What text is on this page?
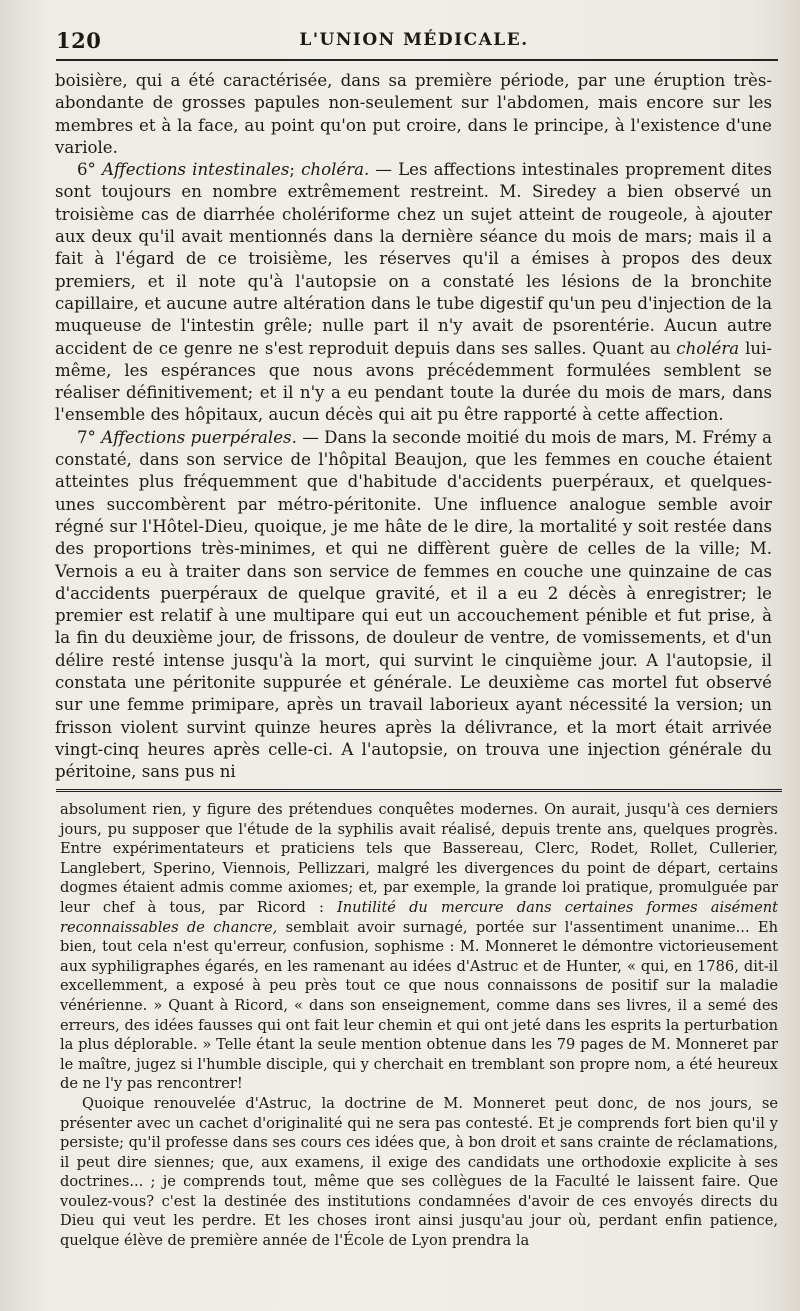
120	L'UNION MÉDICALE.

boisière, qui a été caractérisée, dans sa première période, par une éruption très-abondante de grosses papules non-seulement sur l'abdomen, mais encore sur les membres et à la face, au point qu'on put croire, dans le principe, à l'existence d'une variole.

6° Affections intestinales; choléra. — Les affections intestinales proprement dites sont toujours en nombre extrêmement restreint. M. Siredey a bien observé un troisième cas de diarrhée cholériforme chez un sujet atteint de rougeole, à ajouter aux deux qu'il avait mentionnés dans la dernière séance du mois de mars; mais il a fait à l'égard de ce troisième, les réserves qu'il a émises à propos des deux premiers, et il note qu'à l'autopsie on a constaté les lésions de la bronchite capillaire, et aucune autre altération dans le tube digestif qu'un peu d'injection de la muqueuse de l'intestin grêle; nulle part il n'y avait de psorentérie. Aucun autre accident de ce genre ne s'est reproduit depuis dans ses salles. Quant au choléra lui-même, les espérances que nous avons précédemment formulées semblent se réaliser définitivement; et il n'y a eu pendant toute la durée du mois de mars, dans l'ensemble des hôpitaux, aucun décès qui ait pu être rapporté à cette affection.

7° Affections puerpérales. — Dans la seconde moitié du mois de mars, M. Frémy a constaté, dans son service de l'hôpital Beaujon, que les femmes en couche étaient atteintes plus fréquemment que d'habitude d'accidents puerpéraux, et quelques-unes succombèrent par métro-péritonite. Une influence analogue semble avoir régné sur l'Hôtel-Dieu, quoique, je me hâte de le dire, la mortalité y soit restée dans des proportions très-minimes, et qui ne diffèrent guère de celles de la ville; M. Vernois a eu à traiter dans son service de femmes en couche une quinzaine de cas d'accidents puerpéraux de quelque gravité, et il a eu 2 décès à enregistrer; le premier est relatif à une multipare qui eut un accouchement pénible et fut prise, à la fin du deuxième jour, de frissons, de douleur de ventre, de vomissements, et d'un délire resté intense jusqu'à la mort, qui survint le cinquième jour. A l'autopsie, il constata une péritonite suppurée et générale. Le deuxième cas mortel fut observé sur une femme primipare, après un travail laborieux ayant nécessité la version; un frisson violent survint quinze heures après la délivrance, et la mort était arrivée vingt-cinq heures après celle-ci. A l'autopsie, on trouva une injection générale du péritoine, sans pus ni

absolument rien, y figure des prétendues conquêtes modernes. On aurait, jusqu'à ces derniers jours, pu supposer que l'étude de la syphilis avait réalisé, depuis trente ans, quelques progrès. Entre expérimentateurs et praticiens tels que Bassereau, Clerc, Rodet, Rollet, Cullerier, Langlebert, Sperino, Viennois, Pellizzari, malgré les divergences du point de départ, certains dogmes étaient admis comme axiomes; et, par exemple, la grande loi pratique, promulguée par leur chef à tous, par Ricord : Inutilité du mercure dans certaines formes aisément reconnaissables de chancre, semblait avoir surnagé, portée sur l'assentiment unanime... Eh bien, tout cela n'est qu'erreur, confusion, sophisme : M. Monneret le démontre victorieusement aux syphiligraphes égarés, en les ramenant au idées d'Astruc et de Hunter, « qui, en 1786, dit-il excellemment, a exposé à peu près tout ce que nous connaissons de positif sur la maladie vénérienne. » Quant à Ricord, « dans son enseignement, comme dans ses livres, il a semé des erreurs, des idées fausses qui ont fait leur chemin et qui ont jeté dans les esprits la perturbation la plus déplorable. » Telle étant la seule mention obtenue dans les 79 pages de M. Monneret par le maître, jugez si l'humble disciple, qui y cherchait en tremblant son propre nom, a été heureux de ne l'y pas rencontrer!

Quoique renouvelée d'Astruc, la doctrine de M. Monneret peut donc, de nos jours, se présenter avec un cachet d'originalité qui ne sera pas contesté. Et je comprends fort bien qu'il y persiste; qu'il professe dans ses cours ces idées que, à bon droit et sans crainte de réclamations, il peut dire siennes; que, aux examens, il exige des candidats une orthodoxie explicite à ses doctrines... ; je comprends tout, même que ses collègues de la Faculté le laissent faire. Que voulez-vous? c'est la destinée des institutions condamnées d'avoir de ces envoyés directs du Dieu qui veut les perdre. Et les choses iront ainsi jusqu'au jour où, perdant enfin patience, quelque élève de première année de l'École de Lyon prendra la
